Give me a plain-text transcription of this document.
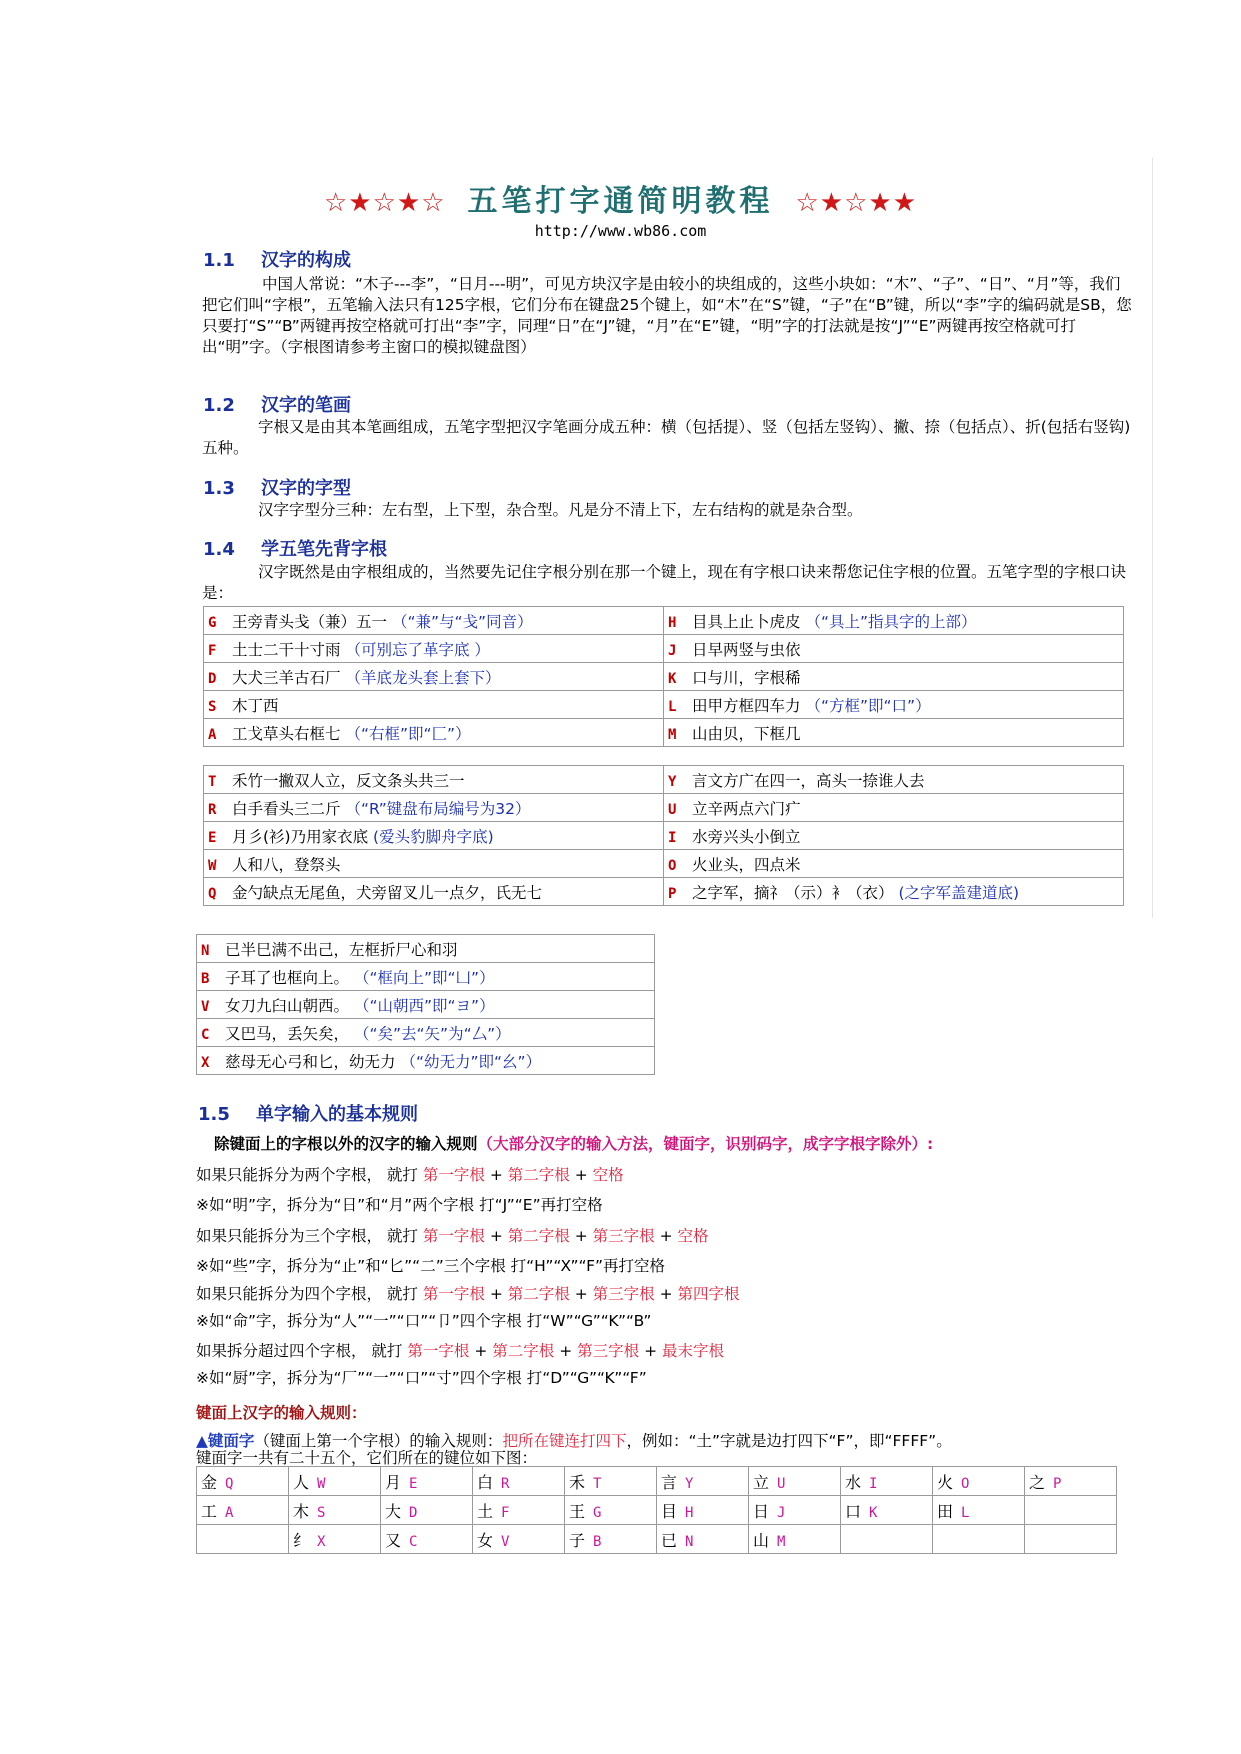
☆★☆★☆ 五笔打字通简明教程 ☆★☆★★
http://www.wb86.com
1.1 汉字的构成

中国人常说：“木子---李”，“日月---明”，可见方块汉字是由较小的块组成的，这些小块如：“木”、“子”、“日”、“月”等，我们把它们叫“字根”，五笔输入法只有125字根，它们分布在键盘25个键上，如“木”在“S”键，“子”在“B”键，所以“李”字的编码就是SB，您只要打“S”“B”两键再按空格就可打出“李”字，同理“日”在“J”键，“月”在“E”键，“明”字的打法就是按“J”“E”两键再按空格就可打出“明”字。（字根图请参考主窗口的模拟键盘图）

1.2 汉字的笔画

字根又是由其本笔画组成，五笔字型把汉字笔画分成五种：横（包括提）、竖（包括左竖钩）、撇、捺（包括点）、折(包括右竖钩)五种。

1.3 汉字的字型

汉字字型分三种：左右型，上下型，杂合型。凡是分不清上下，左右结构的就是杂合型。

1.4 学五笔先背字根

汉字既然是由字根组成的，当然要先记住字根分别在那一个键上，现在有字根口诀来帮您记住字根的位置。五笔字型的字根口诀是：

G 王旁青头戋（兼）五一 （“兼”与“戋”同音）	H 目具上止卜虎皮 （“具上”指具字的上部）
F 土士二干十寸雨 （可别忘了革字底 ）	J 日早两竖与虫依
D 大犬三羊古石厂 （羊底龙头套上套下）	K 口与川，字根稀
S 木丁西	L 田甲方框四车力 （“方框”即“口”）
A 工戈草头右框七 （“右框”即“匚”）	M 山由贝，下框几
T 禾竹一撇双人立，反文条头共三一	Y 言文方广在四一，高头一捺谁人去
R 白手看头三二斤 （“R”键盘布局编号为32）	U 立辛两点六门疒
E 月彡(衫)乃用家衣底 (爱头豹脚舟字底)	I 水旁兴头小倒立
W 人和八，登祭头	O 火业头，四点米
Q 金勺缺点无尾鱼，犬旁留叉儿一点夕，氏无七	P 之字军，摘礻（示）衤（衣） (之字军盖建道底)
N 已半巳满不出己，左框折尸心和羽
B 子耳了也框向上。 （“框向上”即“凵”）
V 女刀九臼山朝西。 （“山朝西”即“ヨ”）
C 又巴马，丢矢矣， （“矣”去“矢”为“厶”）
X 慈母无心弓和匕，幼无力 （“幼无力”即“幺”）
1.5 单字输入的基本规则
除键面上的字根以外的汉字的输入规则（大部分汉字的输入方法，键面字，识别码字，成字字根字除外）:
如果只能拆分为两个字根， 就打 第一字根 + 第二字根 + 空格
※如“明”字，拆分为“日”和“月”两个字根 打“J”“E”再打空格
如果只能拆分为三个字根， 就打 第一字根 + 第二字根 + 第三字根 + 空格
※如“些”字，拆分为“止”和“匕”“二”三个字根 打“H”“X”“F”再打空格
如果只能拆分为四个字根， 就打 第一字根 + 第二字根 + 第三字根 + 第四字根
※如“命”字，拆分为“人”“一”“口”“卩”四个字根 打“W”“G”“K”“B”
如果拆分超过四个字根， 就打 第一字根 + 第二字根 + 第三字根 + 最末字根
※如“厨”字，拆分为“厂”“一”“口”“寸”四个字根 打“D”“G”“K”“F”
键面上汉字的输入规则：
▲键面字（键面上第一个字根）的输入规则：把所在键连打四下，例如：“土”字就是边打四下“F”，即“FFFF”。
键面字一共有二十五个，它们所在的键位如下图：
金 Q	人 W	月 E	白 R	禾 T	言 Y	立 U	水 I	火 O	之 P
工 A	木 S	大 D	土 F	王 G	目 H	日 J	口 K	田 L	
	纟 X	又 C	女 V	子 B	已 N	山 M			
